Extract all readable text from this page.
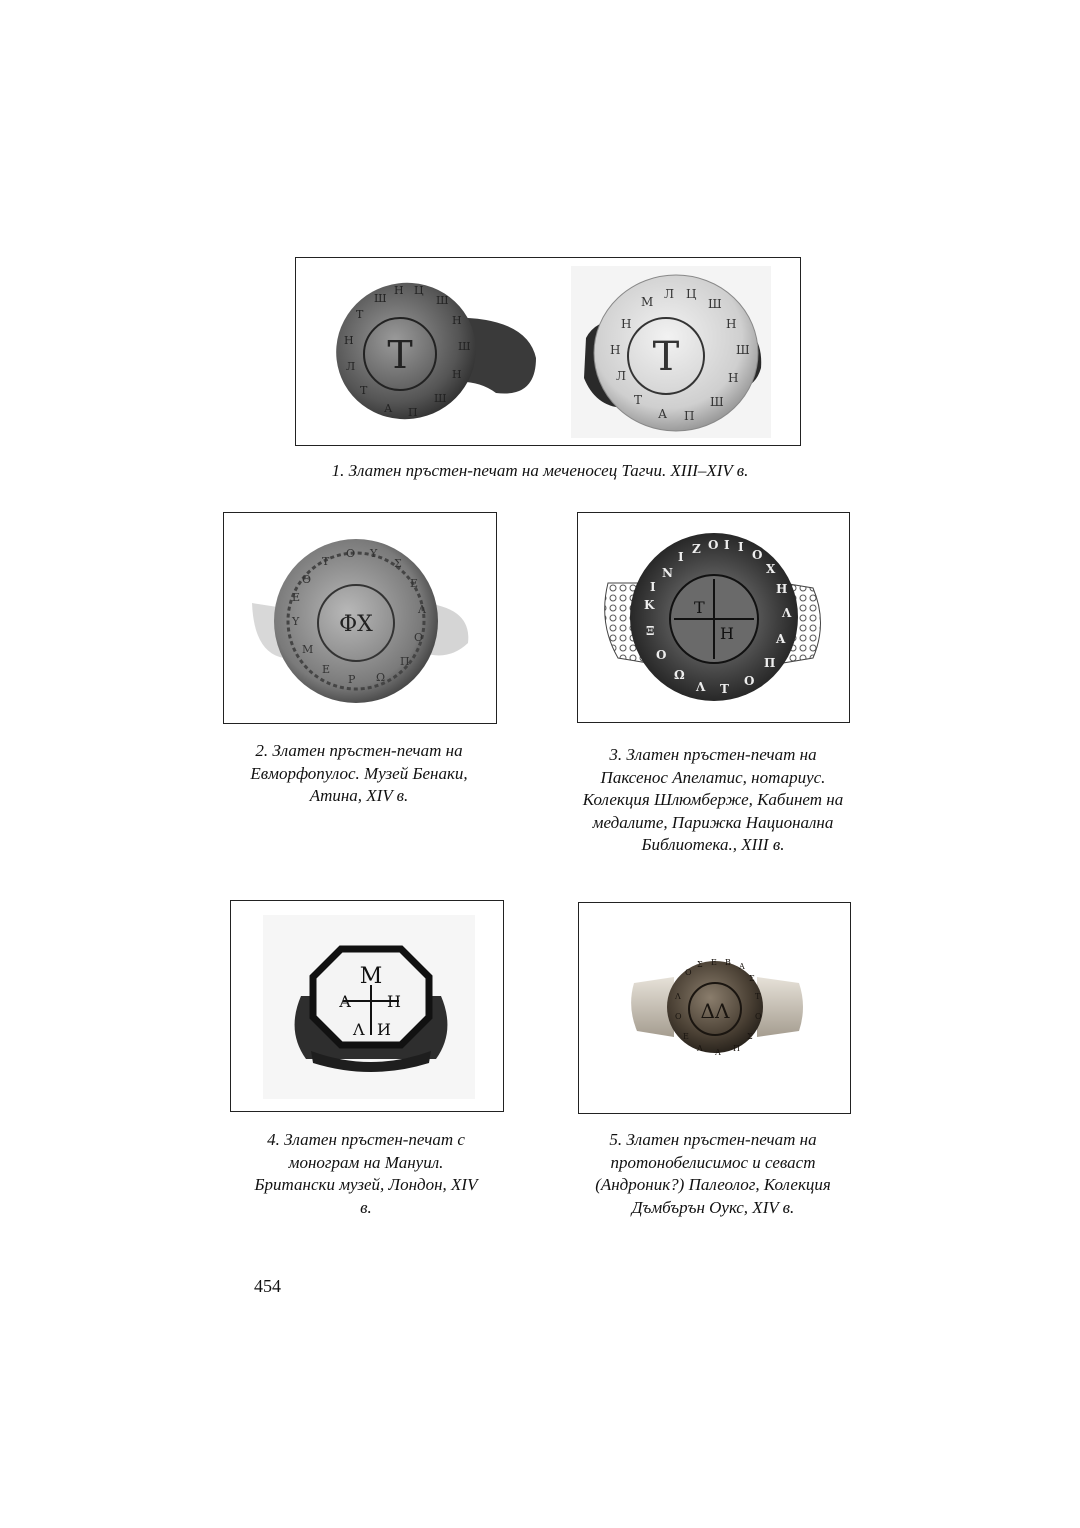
Т
Т
Ш
Н Ц
Ш
Н
Ш
Н
Ш
П
А
Т
Л
Н	Т
Н
М
Л Ц
Ш
Н
Ш
Н
Ш
П
А
Т
Л
Н
1. Златен пръстен-печат на меченосец Тагчи. XIII–XIV в.
ΦΧ
Θ
Τ
Ο Υ
Σ
Ε
Λ
Ο
Π
Ω
Ρ
Ε
Μ
Υ
Ε
2. Златен пръстен-печат на
Евморфопулос. Музей Бенаки,
Атина, XIV в.
Т
Н
Ν
Ι
Ζ Ο Ι Ι
Ο
Χ
Η
Λ
Α
Π
Ο
Τ
Λ
Ω
Ο
Ξ
Κ
Ι
3. Златен пръстен-печат на
Паксенос Апелатис, нотариус.
Колекция Шлюмберже, Кабинет на
медалите, Парижка Национална
Библиотека., XIII в.
М
А Н
Λ И
4. Златен пръстен-печат с
монограм на Мануил.
Британски музей, Лондон, XIV
в.
ΔΛ
Ο
Σ Ε Β Α
Σ
Τ
Ο
Σ
Π
Α
Λ
Ε
Ο
Λ
5. Златен пръстен-печат на
протонобелисимос и севаст
(Андроник?) Палеолог, Колекция
Дъмбърън Оукс, XIV в.
454
